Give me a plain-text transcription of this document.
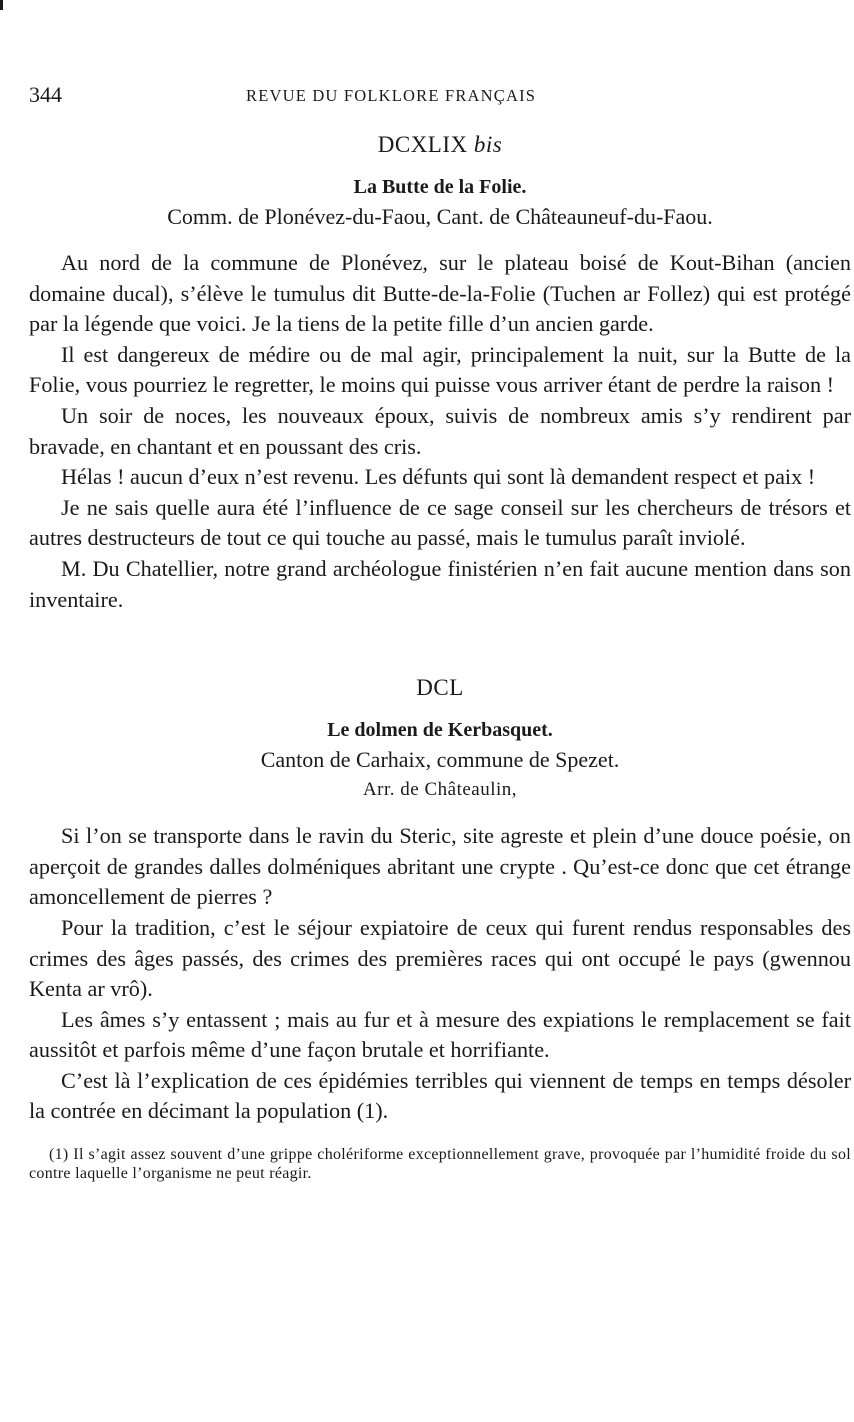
344	REVUE DU FOLKLORE FRANÇAIS
DCXLIX bis
La Butte de la Folie.
Comm. de Plonévez-du-Faou, Cant. de Châteauneuf-du-Faou.

Au nord de la commune de Plonévez, sur le plateau boisé de Kout-Bihan (ancien domaine ducal), s’élève le tumulus dit Butte-de-la-Folie (Tuchen ar Follez) qui est protégé par la légende que voici. Je la tiens de la petite fille d’un ancien garde.

Il est dangereux de médire ou de mal agir, principalement la nuit, sur la Butte de la Folie, vous pourriez le regretter, le moins qui puisse vous arriver étant de perdre la raison !

Un soir de noces, les nouveaux époux, suivis de nombreux amis s’y rendirent par bravade, en chantant et en poussant des cris.

Hélas ! aucun d’eux n’est revenu. Les défunts qui sont là demandent respect et paix !

Je ne sais quelle aura été l’influence de ce sage conseil sur les chercheurs de trésors et autres destructeurs de tout ce qui touche au passé, mais le tumulus paraît inviolé.

M. Du Chatellier, notre grand archéologue finistérien n’en fait aucune mention dans son inventaire.

DCL
Le dolmen de Kerbasquet.
Canton de Carhaix, commune de Spezet.
Arr. de Châteaulin,

Si l’on se transporte dans le ravin du Steric, site agreste et plein d’une douce poésie, on aperçoit de grandes dalles dolméniques abritant une crypte . Qu’est-ce donc que cet étrange amoncellement de pierres ?

Pour la tradition, c’est le séjour expiatoire de ceux qui furent rendus responsables des crimes des âges passés, des crimes des premières races qui ont occupé le pays (gwennou Kenta ar vrô).

Les âmes s’y entassent ; mais au fur et à mesure des expiations le remplacement se fait aussitôt et parfois même d’une façon brutale et horrifiante.

C’est là l’explication de ces épidémies terribles qui viennent de temps en temps désoler la contrée en décimant la population (1).

(1) Il s’agit assez souvent d’une grippe cholériforme exceptionnellement grave, provoquée par l’humidité froide du sol contre laquelle l’organisme ne peut réagir.
